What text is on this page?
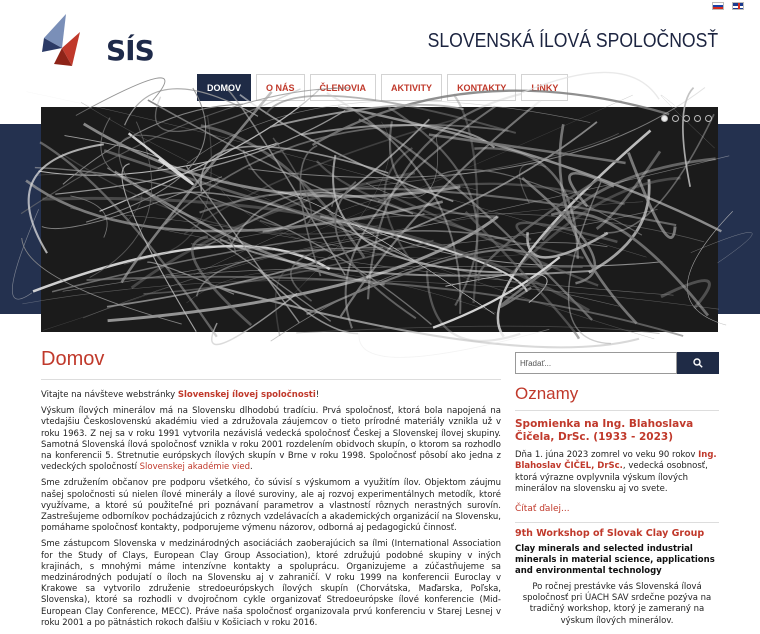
SÍS	SLOVENSKÁ ÍLOVÁ SPOLOČNOSŤ
DOMOV	O NÁS	ČLENOVIA	AKTIVITY	KONTAKTY	LINKY
Domov

Vitajte na návšteve webstránky Slovenskej ílovej spoločnosti!

Výskum ílových minerálov má na Slovensku dlhodobú tradíciu. Prvá spoločnosť, ktorá bola napojená na vtedajšiu Československú akadémiu vied a združovala záujemcov o tieto prírodné materiály vznikla už v roku 1963. Z nej sa v roku 1991 vytvorila nezávislá vedecká spoločnosť Českej a Slovenskej ílovej skupiny. Samotná Slovenská ílová spoločnosť vznikla v roku 2001 rozdelením obidvoch skupín, o ktorom sa rozhodlo na konferencii 5. Stretnutie európskych ílových skupín v Brne v roku 1998. Spoločnosť pôsobí ako jedna z vedeckých spoločností Slovenskej akadémie vied.

Sme združením občanov pre podporu všetkého, čo súvisí s výskumom a využitím ílov. Objektom záujmu našej spoločnosti sú nielen ílové minerály a ílové suroviny, ale aj rozvoj experimentálnych metodík, ktoré využívame, a ktoré sú použiteľné pri poznávaní parametrov a vlastností rôznych nerastných surovín. Zastrešujeme odborníkov pochádzajúcich z rôznych vzdelávacích a akademických organizácií na Slovensku, pomáhame spoločnosť kontakty, podporujeme výmenu názorov, odborná aj pedagogickú činnosť.

Sme zástupcom Slovenska v medzinárodných asociáciách zaoberajúcich sa ílmi (International Association for the Study of Clays, European Clay Group Association), ktoré združujú podobné skupiny v iných krajinách, s mnohými máme intenzívne kontakty a spoluprácu. Organizujeme a zúčastňujeme sa medzinárodných podujatí o íloch na Slovensku aj v zahraničí. V roku 1999 na konferencii Euroclay v Krakowe sa vytvorilo združenie stredoeurópskych ílových skupín (Chorvátska, Maďarska, Poľska, Slovenska), ktoré sa rozhodli v dvojročnom cykle organizovať Stredoeurópske ílové konferencie (Mid-European Clay Conference, MECC). Práve naša spoločnosť organizovala prvú konferenciu v Starej Lesnej v roku 2001 a po pätnástich rokoch ďalšiu v Košiciach v roku 2016.

Hľadať...
Oznamy
Spomienka na Ing. Blahoslava Čičela, DrSc. (1933 - 2023)
Dňa 1. júna 2023 zomrel vo veku 90 rokov Ing. Blahoslav ČIČEL, DrSc., vedecká osobnosť, ktorá výrazne ovplyvnila výskum ílových minerálov na slovensku aj vo svete.
Čítať ďalej...
9th Workshop of Slovak Clay Group
Clay minerals and selected industrial minerals in material science, applications and environmental technology
Po ročnej prestávke vás Slovenská ílová spoločnosť pri ÚACH SAV srdečne pozýva na tradičný workshop, ktorý je zameraný na výskum ílových minerálov.
